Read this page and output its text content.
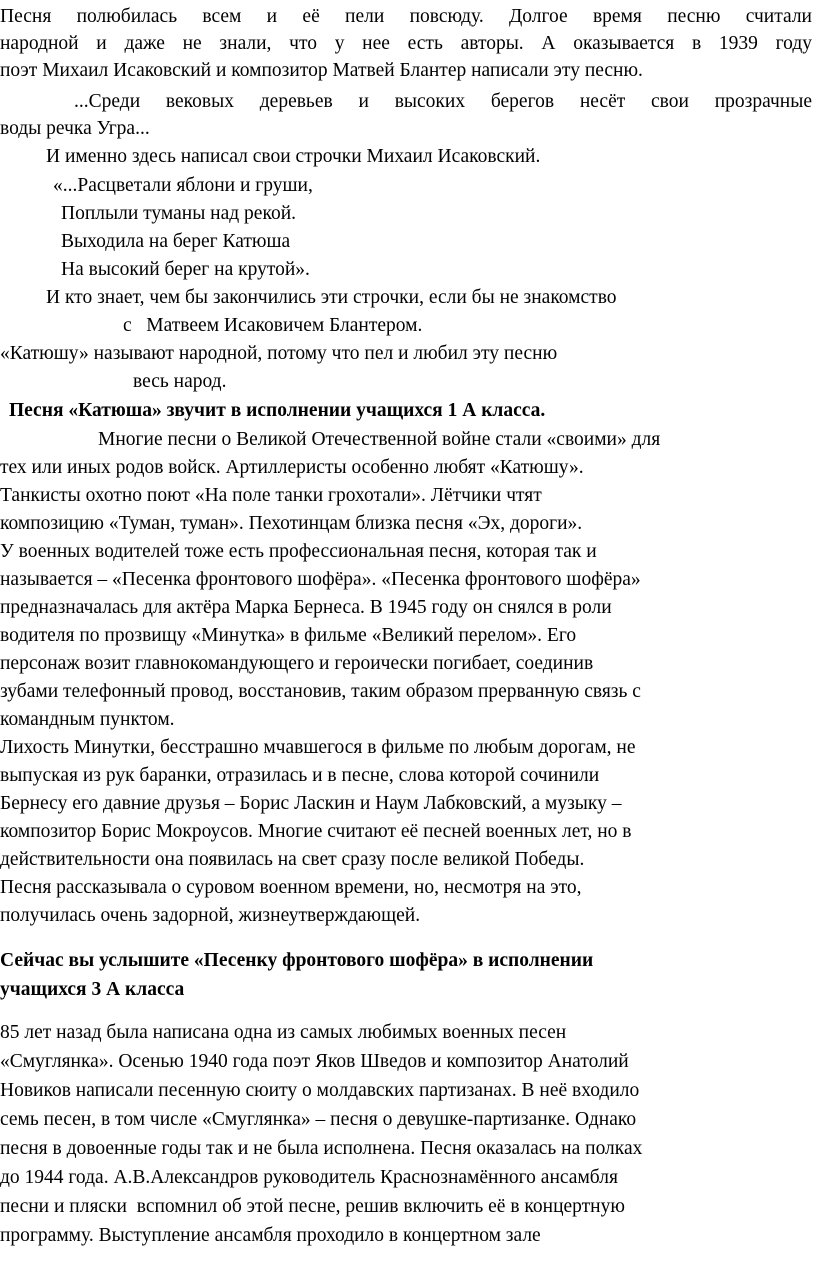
Песня полюбилась всем и её пели повсюду. Долгое время песню считали
народной и даже не знали, что у нее есть авторы. А оказывается в 1939 году
поэт Михаил Исаковский и композитор Матвей Блантер написали эту песню.
...Среди вековых деревьев и высоких берегов несёт свои прозрачные
воды речка Угра...
И именно здесь написал свои строчки Михаил Исаковский.
«...Расцветали яблони и груши,
Поплыли туманы над рекой.
Выходила на берег Катюша
На высокий берег на крутой».
И кто знает, чем бы закончились эти строчки, если бы не знакомство
с   Матвеем Исаковичем Блантером.
«Катюшу» называют народной, потому что пел и любил эту песню
весь народ.
Песня «Катюша» звучит в исполнении учащихся 1 А класса.
Многие песни о Великой Отечественной войне стали «своими» для
тех или иных родов войск. Артиллеристы особенно любят «Катюшу».
Танкисты охотно поют «На поле танки грохотали». Лётчики чтят
композицию «Туман, туман». Пехотинцам близка песня «Эх, дороги».
У военных водителей тоже есть профессиональная песня, которая так и
называется – «Песенка фронтового шофёра». «Песенка фронтового шофёра»
предназначалась для актёра Марка Бернеса. В 1945 году он снялся в роли
водителя по прозвищу «Минутка» в фильме «Великий перелом». Его
персонаж возит главнокомандующего и героически погибает, соединив
зубами телефонный провод, восстановив, таким образом прерванную связь с
командным пунктом.
Лихость Минутки, бесстрашно мчавшегося в фильме по любым дорогам, не
выпуская из рук баранки, отразилась и в песне, слова которой сочинили
Бернесу его давние друзья – Борис Ласкин и Наум Лабковский, а музыку –
композитор Борис Мокроусов. Многие считают её песней военных лет, но в
действительности она появилась на свет сразу после великой Победы.
Песня рассказывала о суровом военном времени, но, несмотря на это,
получилась очень задорной, жизнеутверждающей.
Сейчас вы услышите «Песенку фронтового шофёра» в исполнении
учащихся 3 А класса
85 лет назад была написана одна из самых любимых военных песен
«Смуглянка». Осенью 1940 года поэт Яков Шведов и композитор Анатолий
Новиков написали песенную сюиту о молдавских партизанах. В неё входило
семь песен, в том числе «Смуглянка» – песня о девушке-партизанке. Однако
песня в довоенные годы так и не была исполнена. Песня оказалась на полках
до 1944 года. А.В.Александров руководитель Краснознамённого ансамбля
песни и пляски  вспомнил об этой песне, решив включить её в концертную
программу. Выступление ансамбля проходило в концертном зале
